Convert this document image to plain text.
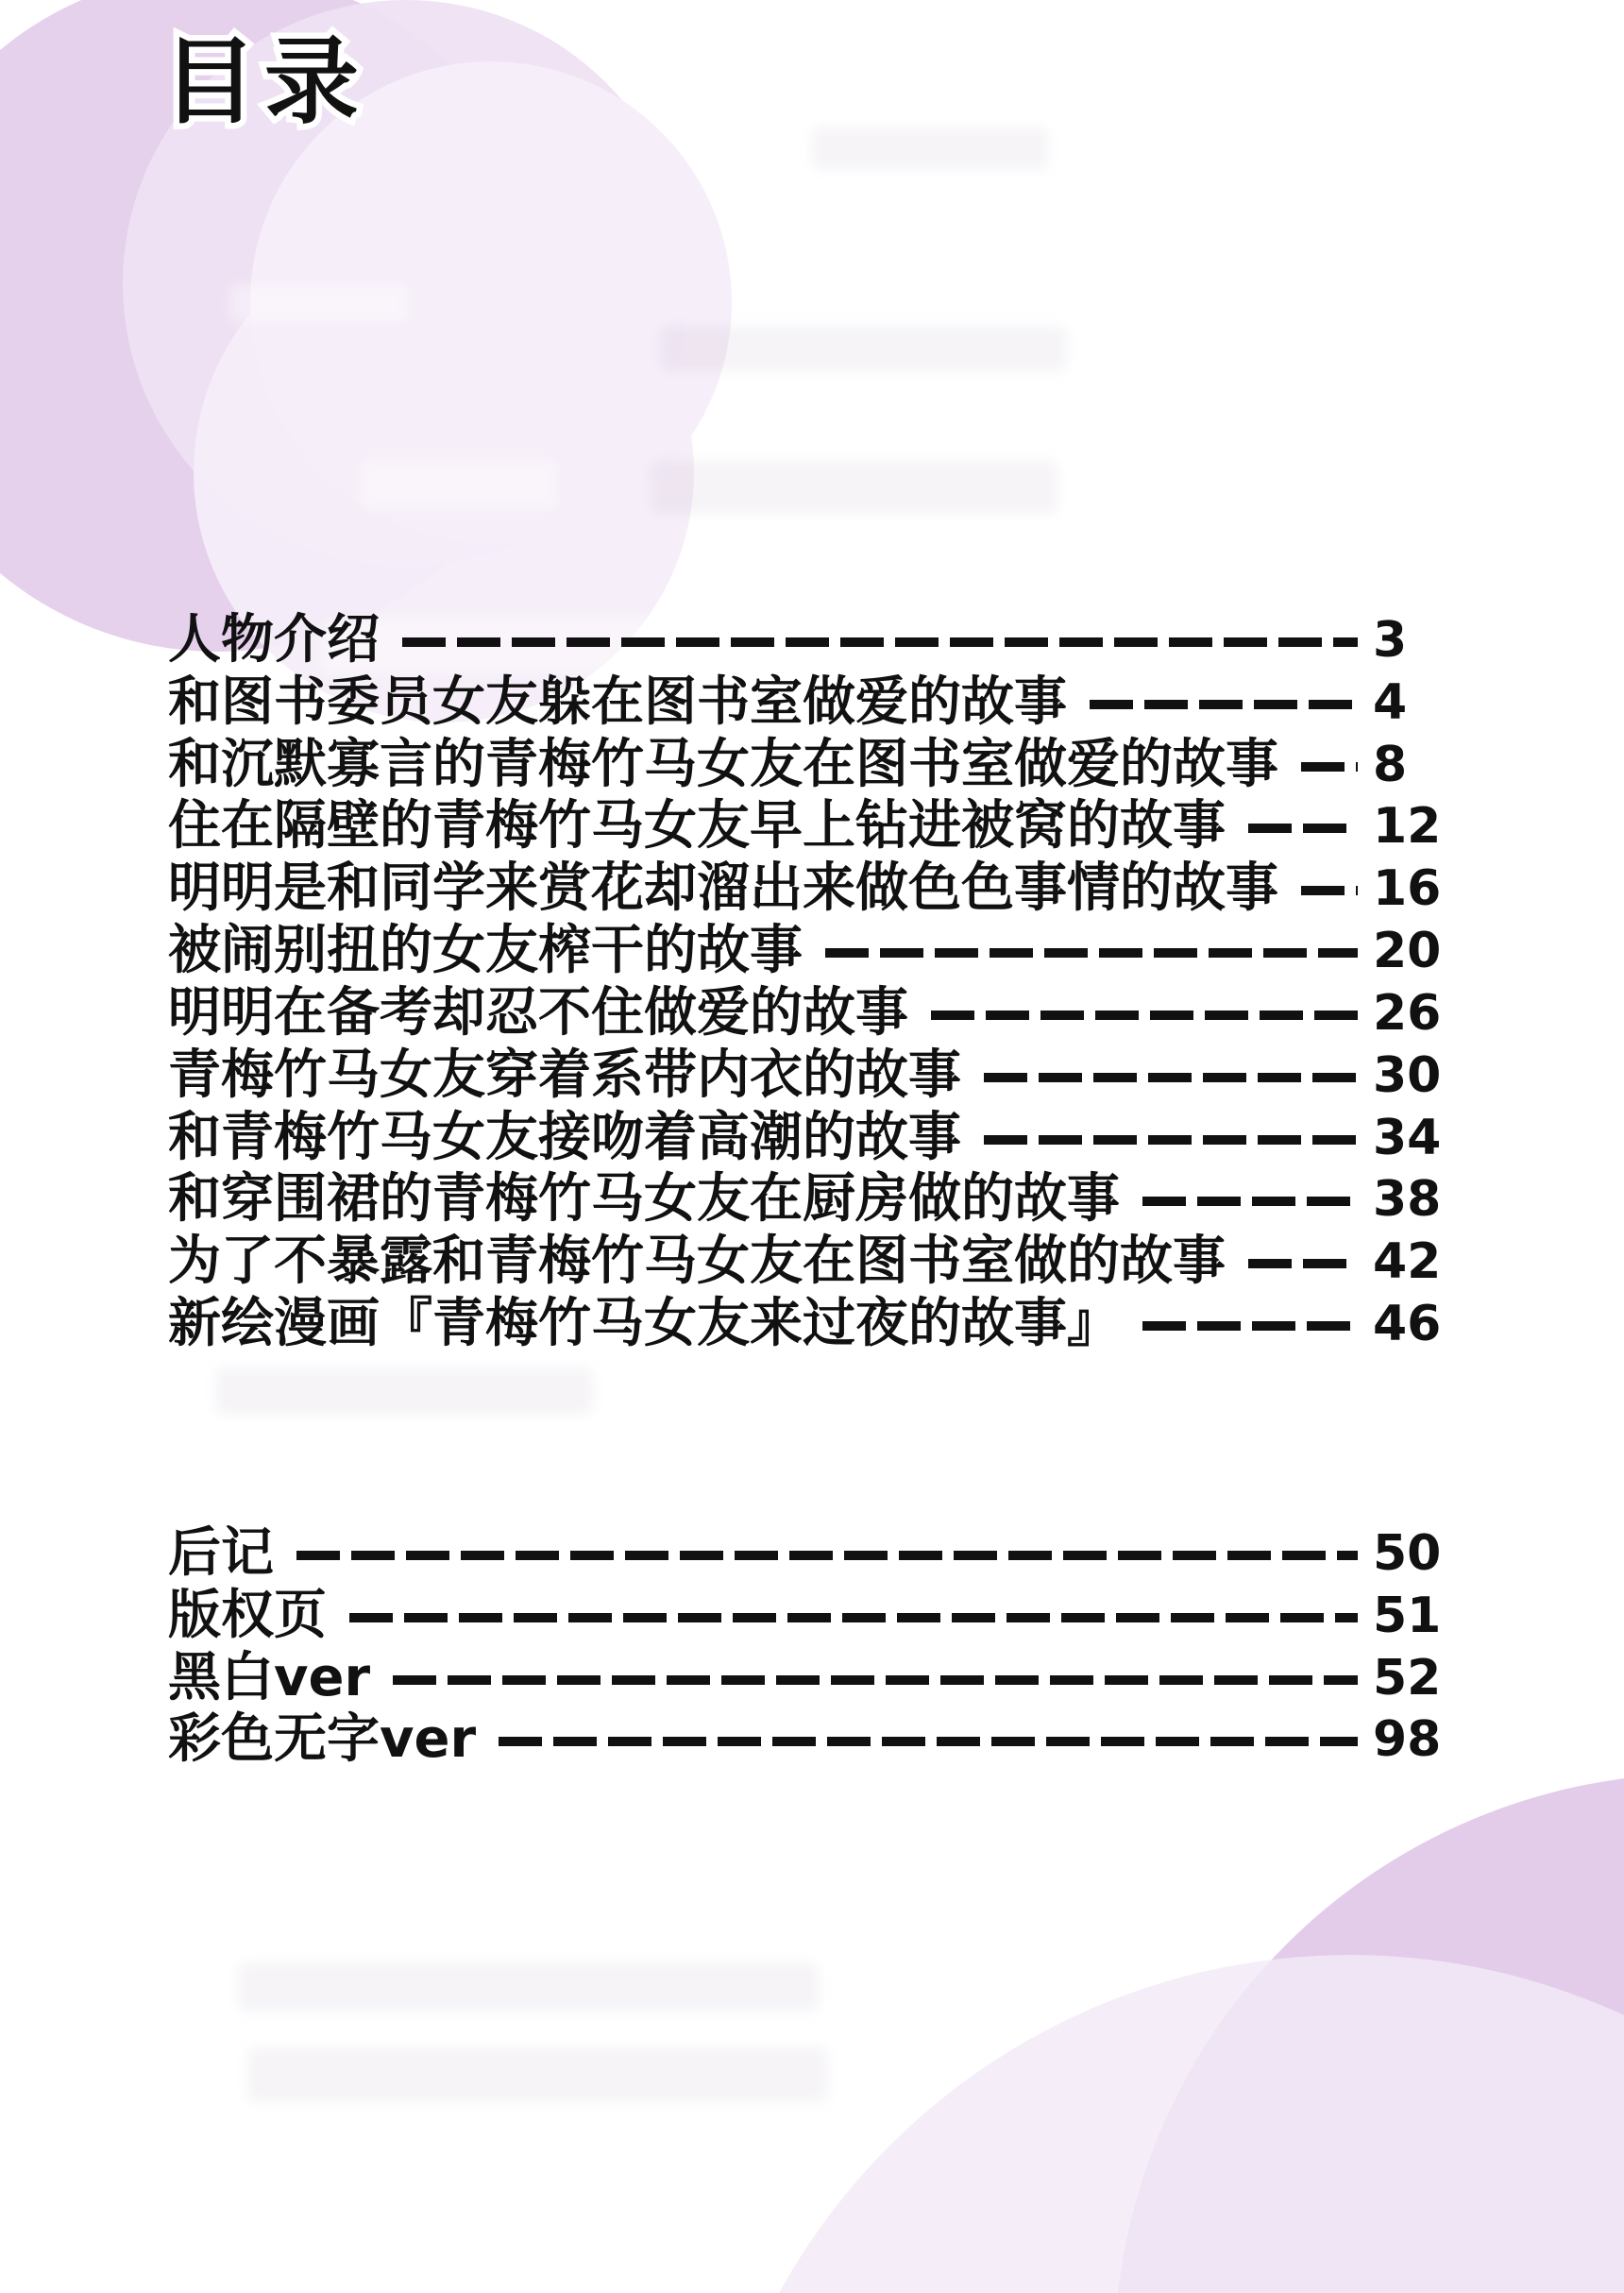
目录
人物介绍	3
和图书委员女友躲在图书室做爱的故事	4
和沉默寡言的青梅竹马女友在图书室做爱的故事 8
住在隔壁的青梅竹马女友早上钻进被窝的故事	12
明明是和同学来赏花却溜出来做色色事情的故事 16
被闹别扭的女友榨干的故事	20
明明在备考却忍不住做爱的故事	26
青梅竹马女友穿着系带内衣的故事	30
和青梅竹马女友接吻着高潮的故事	34
和穿围裙的青梅竹马女友在厨房做的故事	38
为了不暴露和青梅竹马女友在图书室做的故事	42
新绘漫画『青梅竹马女友来过夜的故事』	46
后记	50
版权页	51
黑白ver	52
彩色无字ver	98
